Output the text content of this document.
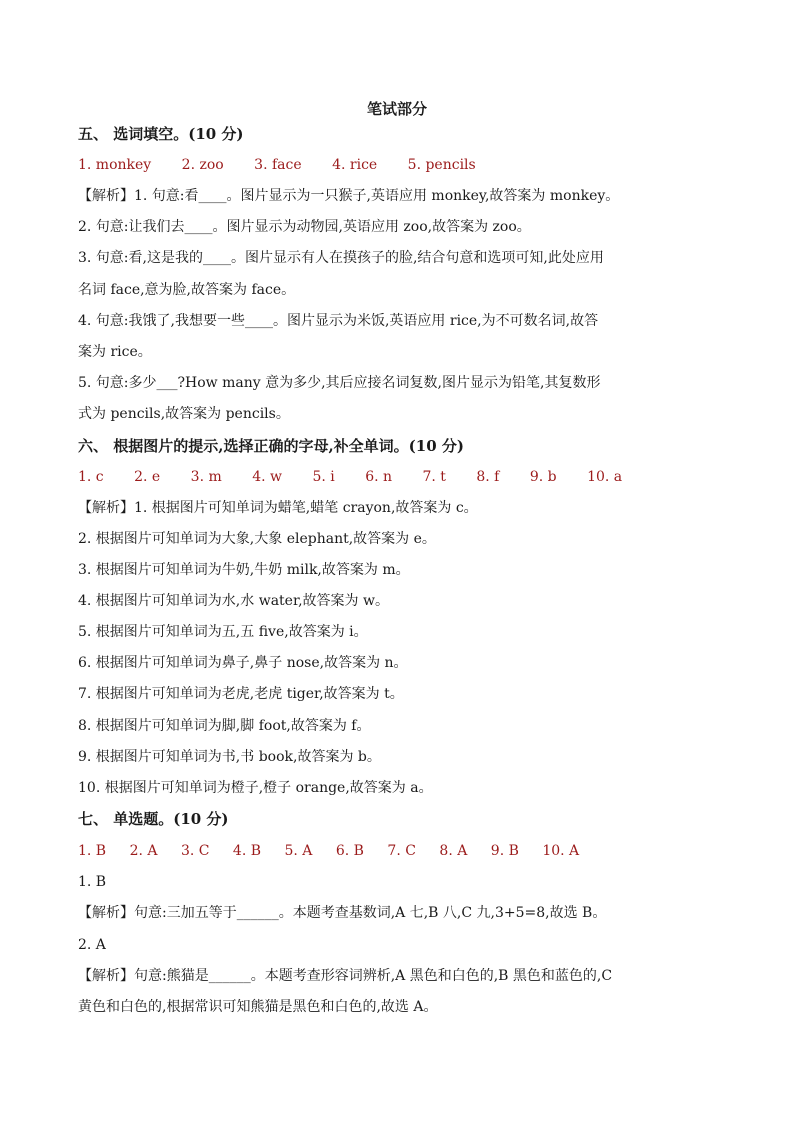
笔试部分
五、 选词填空。(10 分)
1. monkey 2. zoo 3. face 4. rice 5. pencils
【解析】1. 句意:看____。图片显示为一只猴子,英语应用 monkey,故答案为 monkey。
2. 句意:让我们去____。图片显示为动物园,英语应用 zoo,故答案为 zoo。
3. 句意:看,这是我的____。图片显示有人在摸孩子的脸,结合句意和选项可知,此处应用
名词 face,意为脸,故答案为 face。
4. 句意:我饿了,我想要一些____。图片显示为米饭,英语应用 rice,为不可数名词,故答
案为 rice。
5. 句意:多少___?How many 意为多少,其后应接名词复数,图片显示为铅笔,其复数形
式为 pencils,故答案为 pencils。
六、 根据图片的提示,选择正确的字母,补全单词。(10 分)
1. c 2. e 3. m 4. w 5. i 6. n 7. t 8. f 9. b 10. a
【解析】1. 根据图片可知单词为蜡笔,蜡笔 crayon,故答案为 c。
2. 根据图片可知单词为大象,大象 elephant,故答案为 e。
3. 根据图片可知单词为牛奶,牛奶 milk,故答案为 m。
4. 根据图片可知单词为水,水 water,故答案为 w。
5. 根据图片可知单词为五,五 five,故答案为 i。
6. 根据图片可知单词为鼻子,鼻子 nose,故答案为 n。
7. 根据图片可知单词为老虎,老虎 tiger,故答案为 t。
8. 根据图片可知单词为脚,脚 foot,故答案为 f。
9. 根据图片可知单词为书,书 book,故答案为 b。
10. 根据图片可知单词为橙子,橙子 orange,故答案为 a。
七、 单选题。(10 分)
1. B 2. A 3. C 4. B 5. A 6. B 7. C 8. A 9. B 10. A
1. B
【解析】句意:三加五等于______。本题考查基数词,A 七,B 八,C 九,3+5=8,故选 B。
2. A
【解析】句意:熊猫是______。本题考查形容词辨析,A 黑色和白色的,B 黑色和蓝色的,C
黄色和白色的,根据常识可知熊猫是黑色和白色的,故选 A。
